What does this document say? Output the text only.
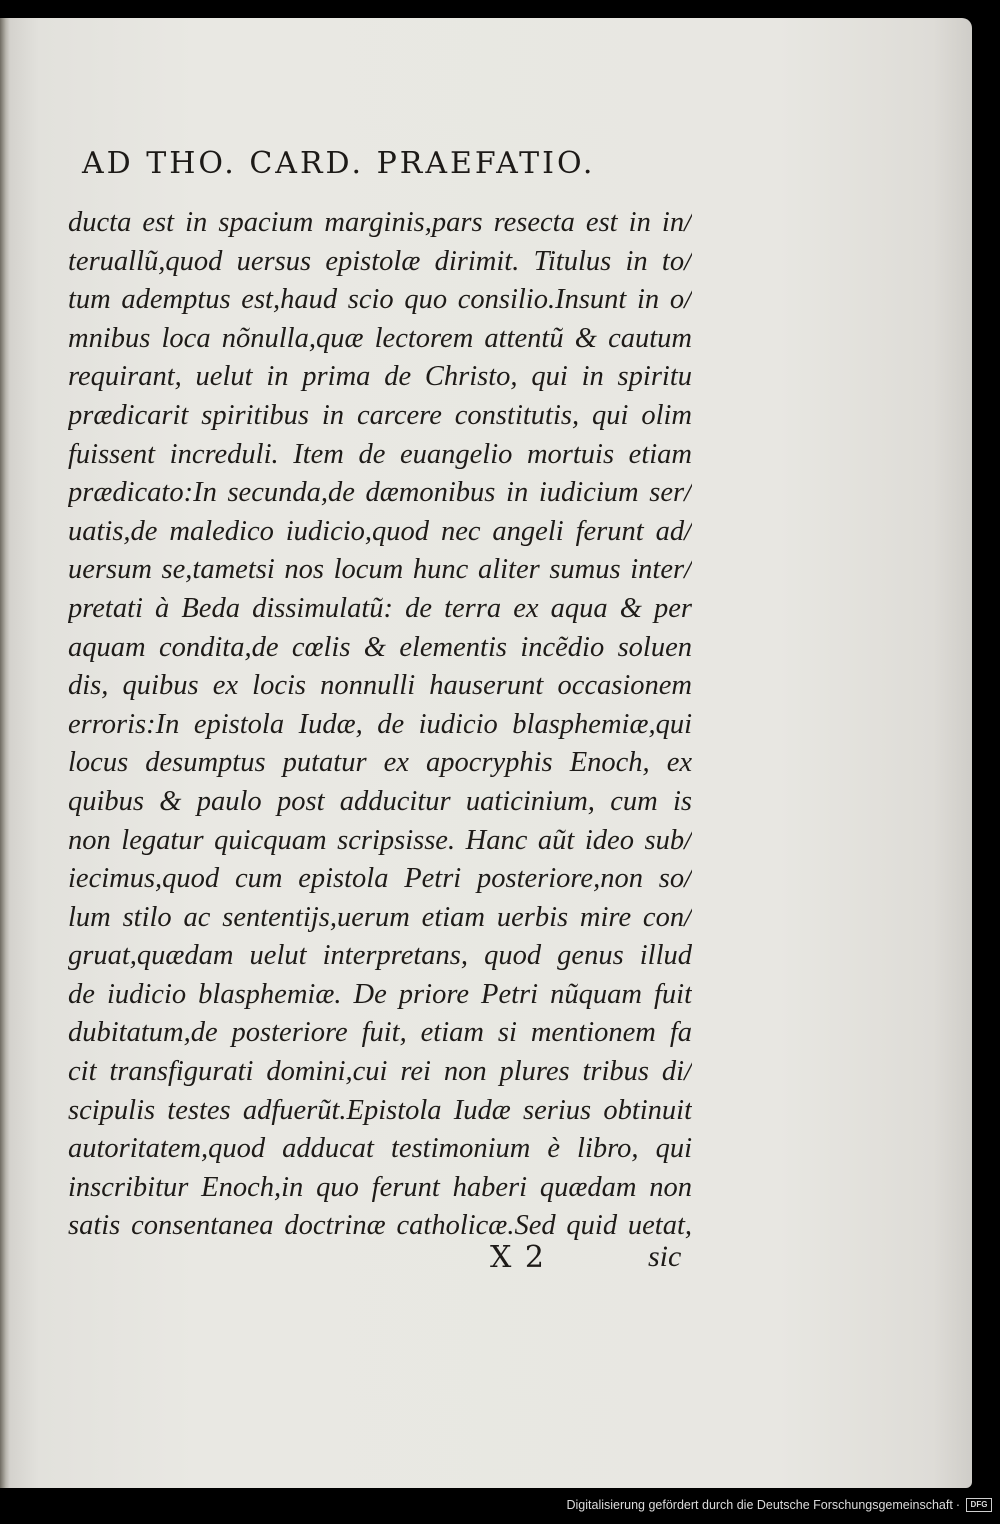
AD THO. CARD. PRAEFATIO.
ducta est in spacium marginis,pars resecta est in in/
teruallũ,quod uersus epistolæ dirimit. Titulus in to/
tum ademptus est,haud scio quo consilio.Insunt in o/
mnibus loca nõnulla,quæ lectorem attentũ & cautum
requirant, uelut in prima de Christo, qui in spiritu
prædicarit spiritibus in carcere constitutis, qui olim
fuissent increduli. Item de euangelio mortuis etiam
prædicato:In secunda,de dæmonibus in iudicium ser/
uatis,de maledico iudicio,quod nec angeli ferunt ad/
uersum se,tametsi nos locum hunc aliter sumus inter/
pretati à Beda dissimulatũ: de terra ex aqua & per
aquam condita,de cœlis & elementis incẽdio soluen
dis, quibus ex locis nonnulli hauserunt occasionem
erroris:In epistola Iudæ, de iudicio blasphemiæ,qui
locus desumptus putatur ex apocryphis Enoch, ex
quibus & paulo post adducitur uaticinium, cum is
non legatur quicquam scripsisse. Hanc aũt ideo sub/
iecimus,quod cum epistola Petri posteriore,non so/
lum stilo ac sententijs,uerum etiam uerbis mire con/
gruat,quædam uelut interpretans, quod genus illud
de iudicio blasphemiæ. De priore Petri nũquam fuit
dubitatum,de posteriore fuit, etiam si mentionem fa
cit transfigurati domini,cui rei non plures tribus di/
scipulis testes adfuerũt.Epistola Iudæ serius obtinuit
autoritatem,quod adducat testimonium è libro, qui
inscribitur Enoch,in quo ferunt haberi quædam non
satis consentanea doctrinæ catholicæ.Sed quid uetat,
X 2	sic
Digitalisierung gefördert durch die Deutsche Forschungsgemeinschaft ·	DFG
